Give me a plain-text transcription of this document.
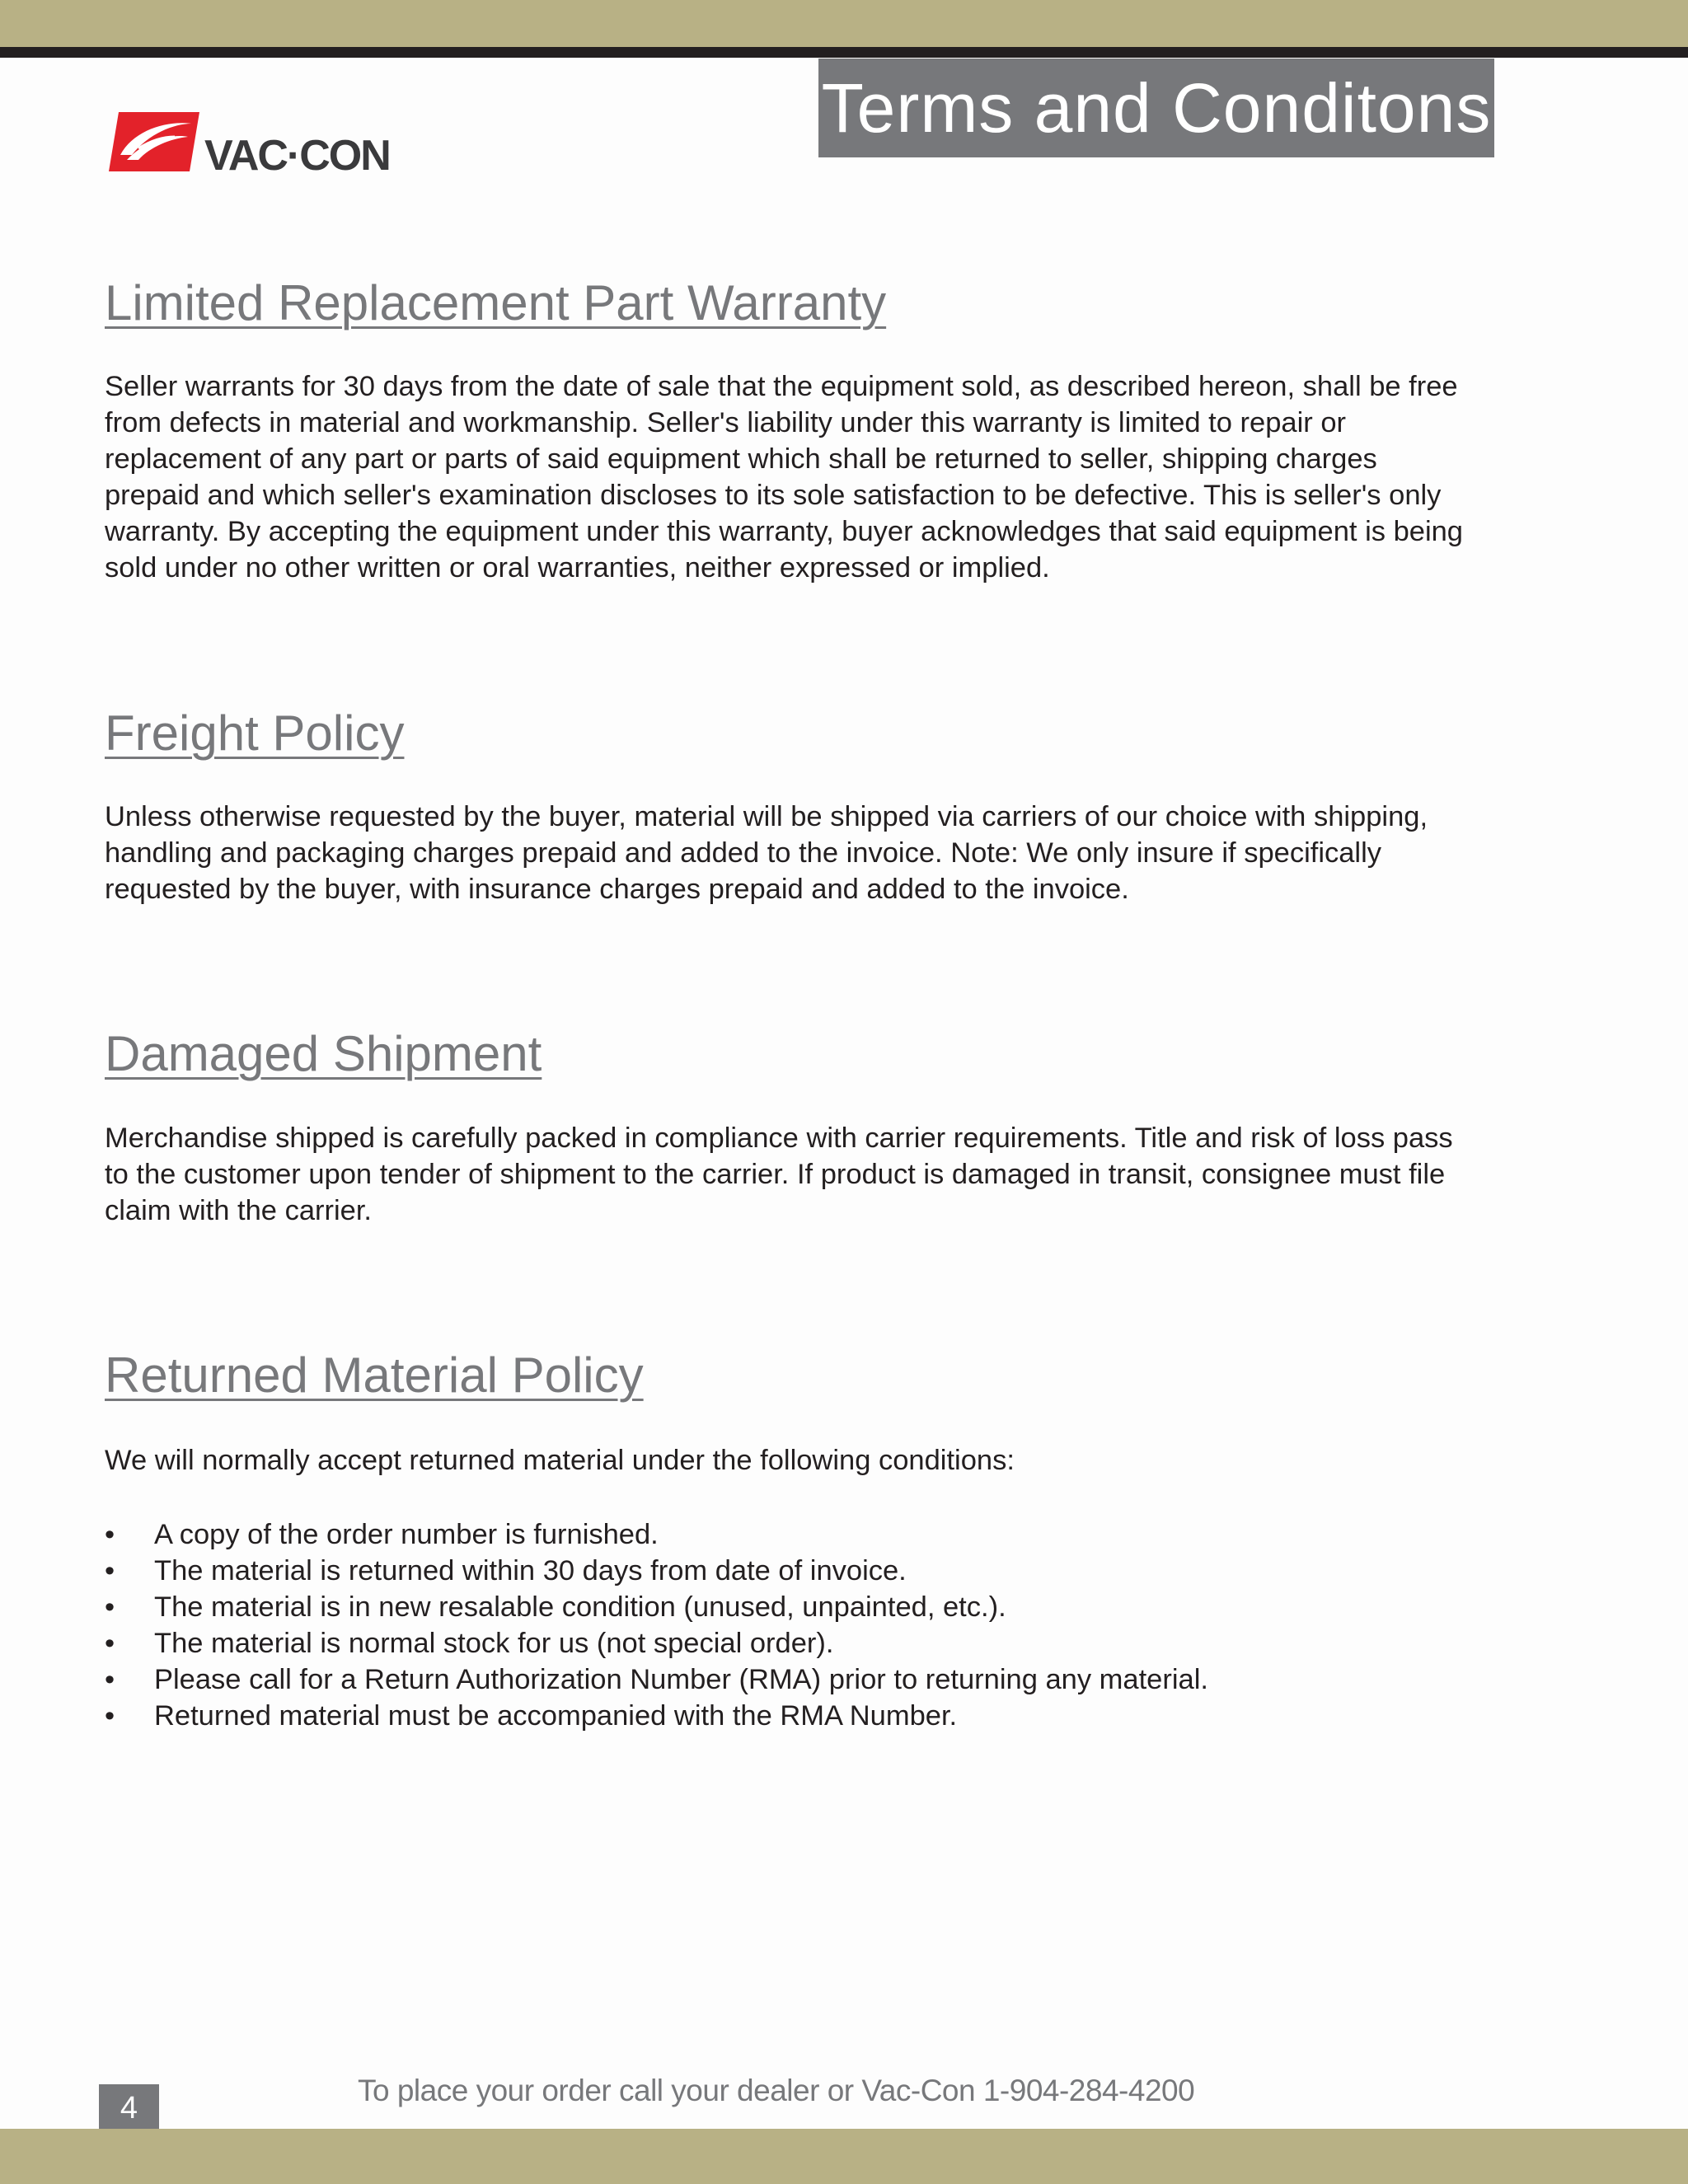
Terms and Conditons
VAC·CON
Limited Replacement Part Warranty

Seller warrants for 30 days from the date of sale that the equipment sold, as described hereon, shall be free from defects in material and workmanship. Seller's liability under this warranty is limited to repair or replacement of any part or parts of said equipment which shall be returned to seller, shipping charges prepaid and which seller's examination discloses to its sole satisfaction to be defective. This is seller's only warranty. By accepting the equipment under this warranty, buyer acknowledges that said equipment is being sold under no other written or oral warranties, neither expressed or implied.

Freight Policy

Unless otherwise requested by the buyer, material will be shipped via carriers of our choice with shipping, handling and packaging charges prepaid and added to the invoice. Note: We only insure if specifically requested by the buyer, with insurance charges prepaid and added to the invoice.

Damaged Shipment

Merchandise shipped is carefully packed in compliance with carrier requirements. Title and risk of loss pass to the customer upon tender of shipment to the carrier. If product is damaged in transit, consignee must file claim with the carrier.

Returned Material Policy

We will normally accept returned material under the following conditions:

• A copy of the order number is furnished.
• The material is returned within 30 days from date of invoice.
• The material is in new resalable condition (unused, unpainted, etc.).
• The material is normal stock for us (not special order).
• Please call for a Return Authorization Number (RMA) prior to returning any material.
• Returned material must be accompanied with the RMA Number.
4
To place your order call your dealer or Vac-Con 1-904-284-4200
